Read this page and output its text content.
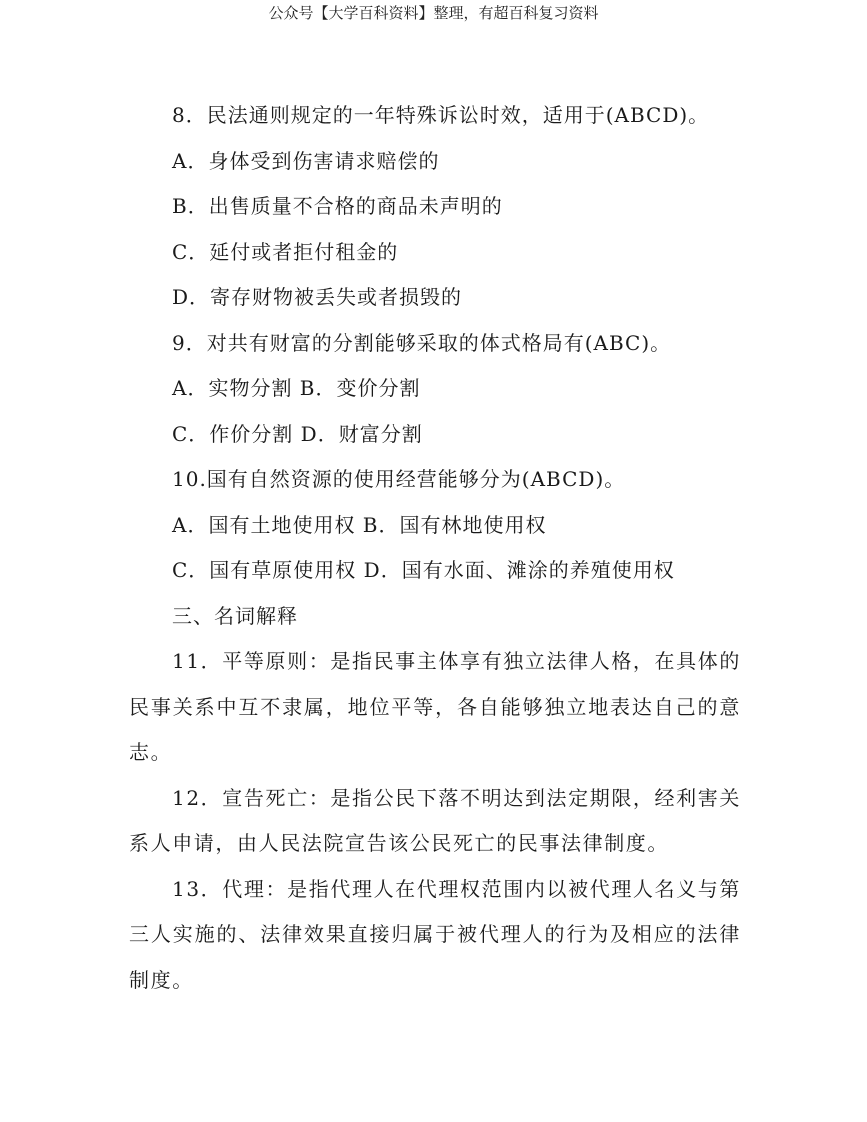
公众号【大学百科资料】整理，有超百科复习资料
8．民法通则规定的一年特殊诉讼时效，适用于(ABCD)。
A．身体受到伤害请求赔偿的
B．出售质量不合格的商品未声明的
C．延付或者拒付租金的
D．寄存财物被丢失或者损毁的
9．对共有财富的分割能够采取的体式格局有(ABC)。
A．实物分割 B．变价分割
C．作价分割 D．财富分割
10.国有自然资源的使用经营能够分为(ABCD)。
A．国有土地使用权 B．国有林地使用权
C．国有草原使用权 D．国有水面、滩涂的养殖使用权
三、名词解释
11．平等原则：是指民事主体享有独立法律人格，在具体的民事关系中互不隶属，地位平等，各自能够独立地表达自己的意志。
12．宣告死亡：是指公民下落不明达到法定期限，经利害关系人申请，由人民法院宣告该公民死亡的民事法律制度。
13．代理：是指代理人在代理权范围内以被代理人名义与第三人实施的、法律效果直接归属于被代理人的行为及相应的法律制度。
